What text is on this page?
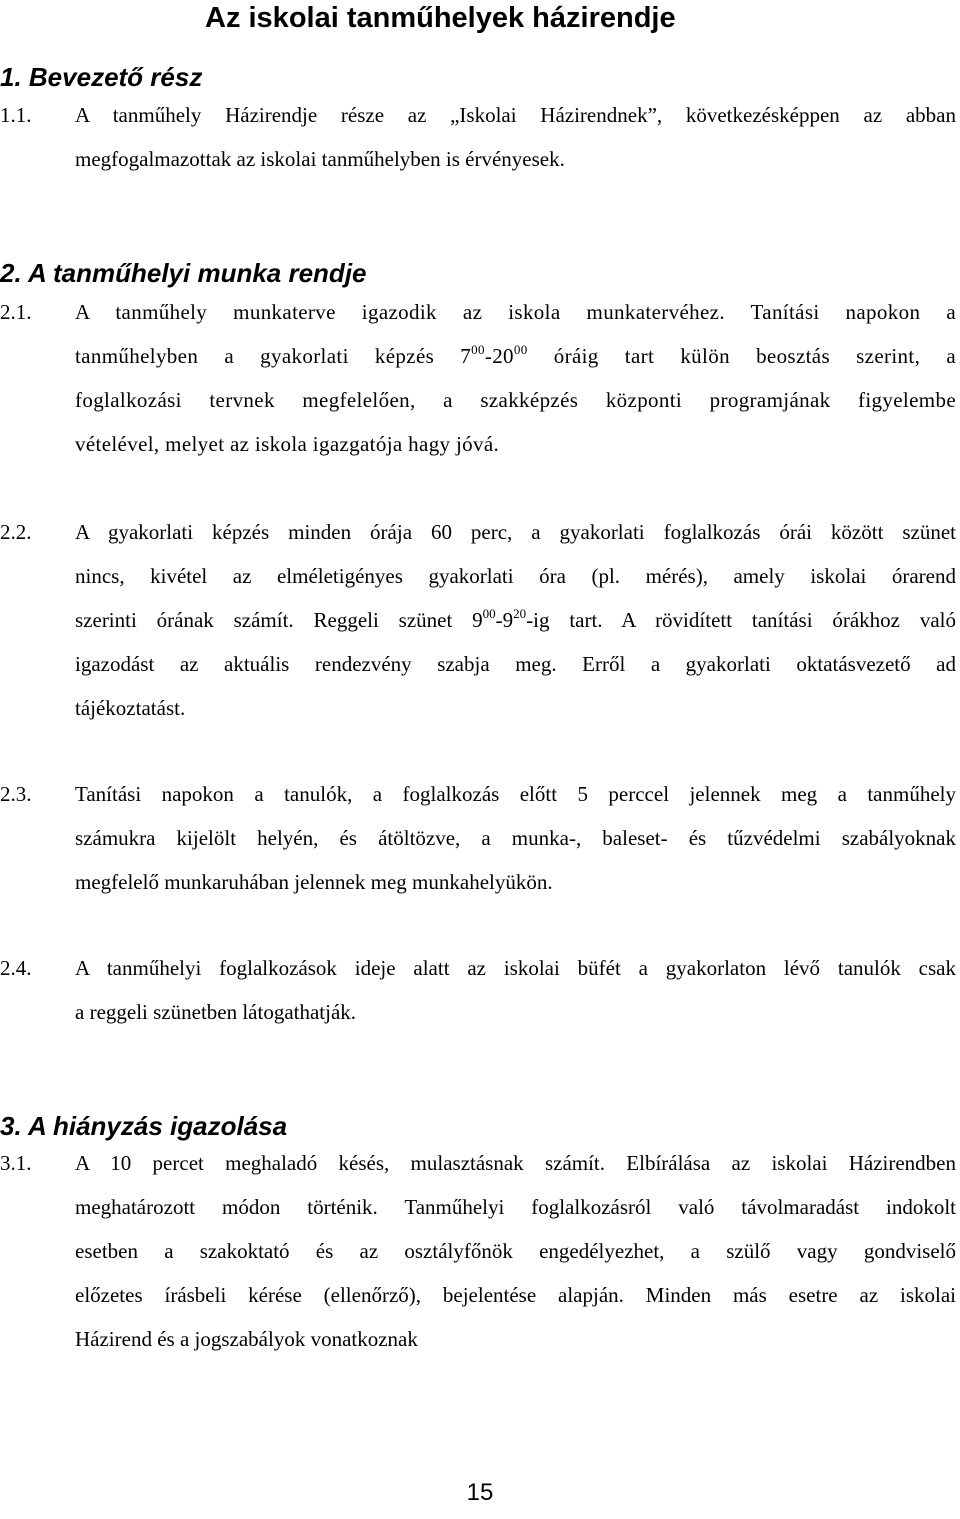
Az iskolai tanműhelyek házirendje
1. Bevezető rész
1.1. A tanműhely Házirendje része az „Iskolai Házirendnek”, következésképpen az abban
megfogalmazottak az iskolai tanműhelyben is érvényesek.
2. A tanműhelyi munka rendje
2.1. A tanműhely munkaterve igazodik az iskola munkatervéhez. Tanítási napokon a
tanműhelyben a gyakorlati képzés $7^{00}-20^{00}$ óráig tart külön beosztás szerint, a
foglalkozási tervnek megfelelően, a szakképzés központi programjának figyelembe
vételével, melyet az iskola igazgatója hagy jóvá.
2.2. A gyakorlati képzés minden órája 60 perc, a gyakorlati foglalkozás órái között szünet
nincs, kivétel az elméletigényes gyakorlati óra (pl. mérés), amely iskolai órarend
szerinti órának számít. Reggeli szünet $9^{00}-9^{20}-ig$ tart. A rövidített tanítási órákhoz való
igazodást az aktuális rendezvény szabja meg. Erről a gyakorlati oktatásvezető ad
tájékoztatást.
2.3. Tanítási napokon a tanulók, a foglalkozás előtt 5 perccel jelennek meg a tanműhely
számukra kijelölt helyén, és átöltözve, a munka-, baleset- és tűzvédelmi szabályoknak
megfelelő munkaruhában jelennek meg munkahelyükön.
2.4. A tanműhelyi foglalkozások ideje alatt az iskolai büfét a gyakorlaton lévő tanulók csak
a reggeli szünetben látogathatják.
3. A hiányzás igazolása
3.1. A 10 percet meghaladó késés, mulasztásnak számít. Elbírálása az iskolai Házirendben
meghatározott módon történik. Tanműhelyi foglalkozásról való távolmaradást indokolt
esetben a szakoktató és az osztályfőnök engedélyezhet, a szülő vagy gondviselő
előzetes írásbeli kérése (ellenőrző), bejelentése alapján. Minden más esetre az iskolai
Házirend és a jogszabályok vonatkoznak
15
